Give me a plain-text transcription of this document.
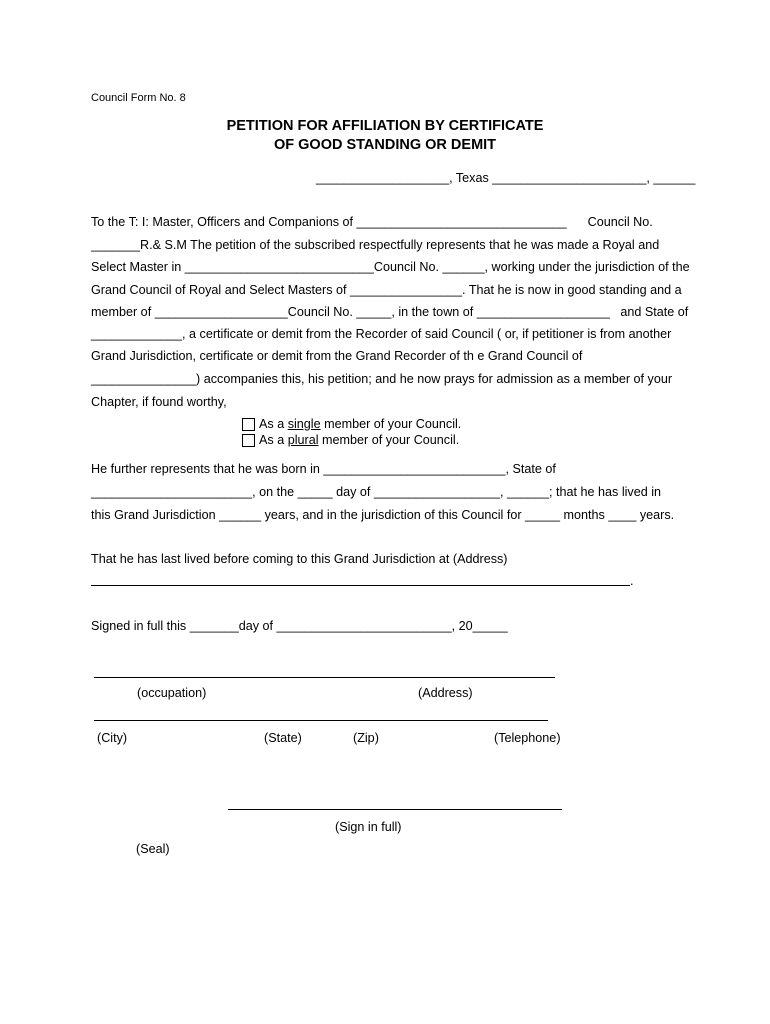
Council Form No. 8
PETITION FOR AFFILIATION BY CERTIFICATE
OF GOOD STANDING OR DEMIT
___________________, Texas ______________________, ______
To the T: I: Master, Officers and Companions of ______________________________      Council No.
_______R.& S.M The petition of the subscribed respectfully represents that he was made a Royal and
Select Master in ___________________________Council No. ______, working under the jurisdiction of the
Grand Council of Royal and Select Masters of ________________. That he is now in good standing and a
member of ___________________Council No. _____, in the town of ___________________   and State of
_____________, a certificate or demit from the Recorder of said Council ( or, if petitioner is from another
Grand Jurisdiction, certificate or demit from the Grand Recorder of th e Grand Council of
_______________) accompanies this, his petition; and he now prays for admission as a member of your
Chapter, if found worthy,
As a single member of your Council.
As a plural member of your Council.
He further represents that he was born in __________________________, State of
_______________________, on the _____ day of __________________, ______; that he has lived in
this Grand Jurisdiction ______ years, and in the jurisdiction of this Council for _____ months ____ years.
That he has last lived before coming to this Grand Jurisdiction at (Address)
.
Signed in full this _______day of _________________________, 20_____
(occupation)	(Address)
(City)	(State)	(Zip)	(Telephone)
(Sign in full)
(Seal)
